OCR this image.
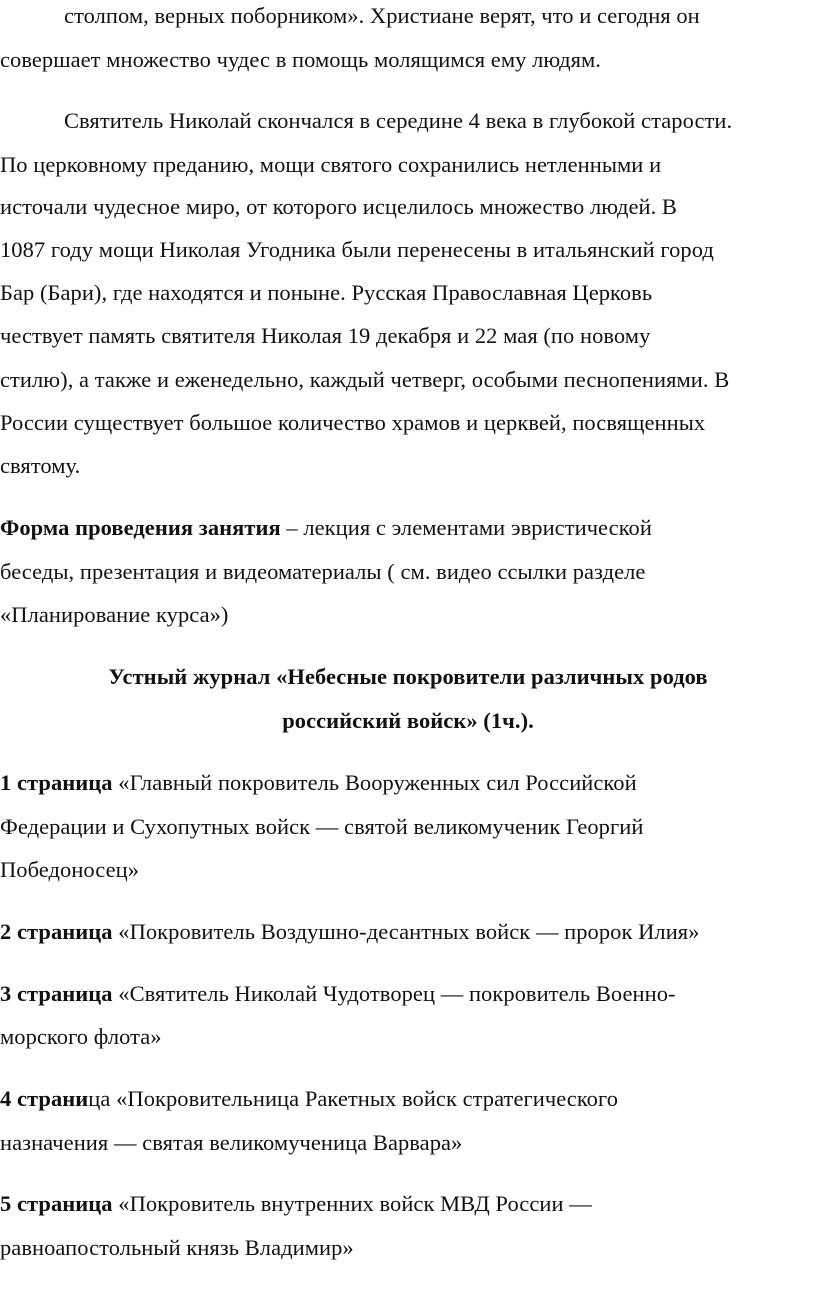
столпом, верных поборником». Христиане верят, что и сегодня он
совершает множество чудес в помощь молящимся ему людям.
Святитель Николай скончался в середине 4 века в глубокой старости.
По церковному преданию, мощи святого сохранились нетленными и
источали чудесное миро, от которого исцелилось множество людей. В
1087 году мощи Николая Угодника были перенесены в итальянский город
Бар (Бари), где находятся и поныне. Русская Православная Церковь
чествует память святителя Николая 19 декабря и 22 мая (по новому
стилю), а также и еженедельно, каждый четверг, особыми песнопениями. В
России существует большое количество храмов и церквей, посвященных
святому.
Форма проведения занятия – лекция с элементами эвристической
беседы, презентация и видеоматериалы ( см. видео ссылки разделе
«Планирование курса»)
Устный журнал «Небесные покровители различных родов
российский войск» (1ч.).
1 страница «Главный покровитель Вооруженных сил Российской
Федерации и Сухопутных войск — святой великомученик Георгий
Победоносец»
2 страница «Покровитель Воздушно-десантных войск — пророк Илия»
3 страница «Святитель Николай Чудотворец — покровитель Военно-
морского флота»
4 страница «Покровительница Ракетных войск стратегического
назначения — святая великомученица Варвара»
5 страница «Покровитель внутренних войск МВД России —
равноапостольный князь Владимир»
